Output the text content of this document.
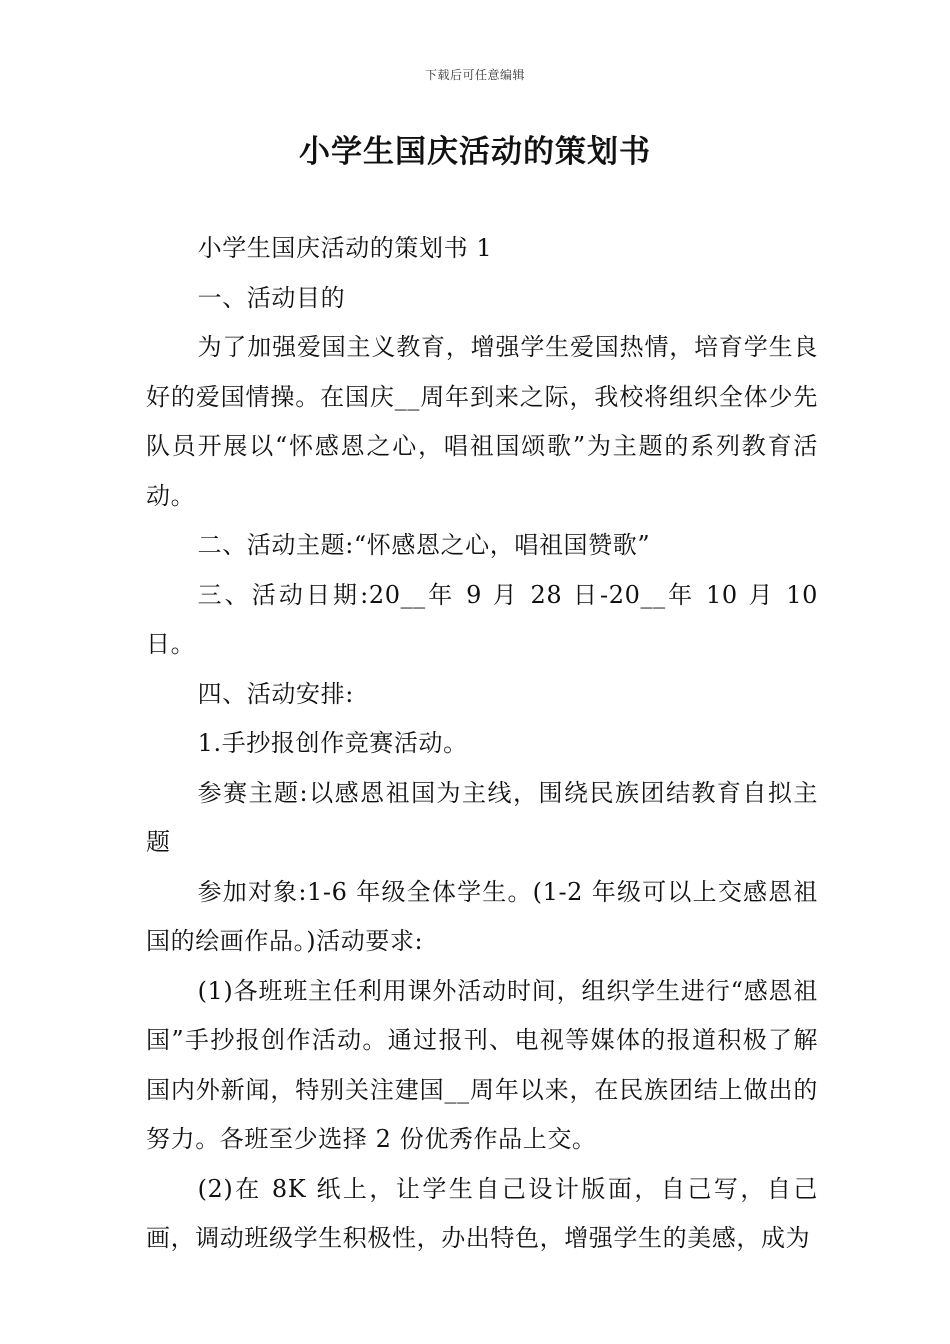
下载后可任意编辑
小学生国庆活动的策划书

小学生国庆活动的策划书 1

一、活动目的

为了加强爱国主义教育，增强学生爱国热情，培育学生良好的爱国情操。在国庆__周年到来之际，我校将组织全体少先队员开展以“怀感恩之心，唱祖国颂歌”为主题的系列教育活动。

二、活动主题:“怀感恩之心，唱祖国赞歌”

三、活动日期:20__年 9 月 28 日-20__年 10 月 10 日。

四、活动安排:

1.手抄报创作竞赛活动。

参赛主题:以感恩祖国为主线，围绕民族团结教育自拟主题

参加对象:1-6 年级全体学生。(1-2 年级可以上交感恩祖国的绘画作品。)活动要求:

(1)各班班主任利用课外活动时间，组织学生进行“感恩祖国”手抄报创作活动。通过报刊、电视等媒体的报道积极了解国内外新闻，特别关注建国__周年以来，在民族团结上做出的努力。各班至少选择 2 份优秀作品上交。

(2)在 8K 纸上，让学生自己设计版面，自己写，自己画，调动班级学生积极性，办出特色，增强学生的美感，成为
